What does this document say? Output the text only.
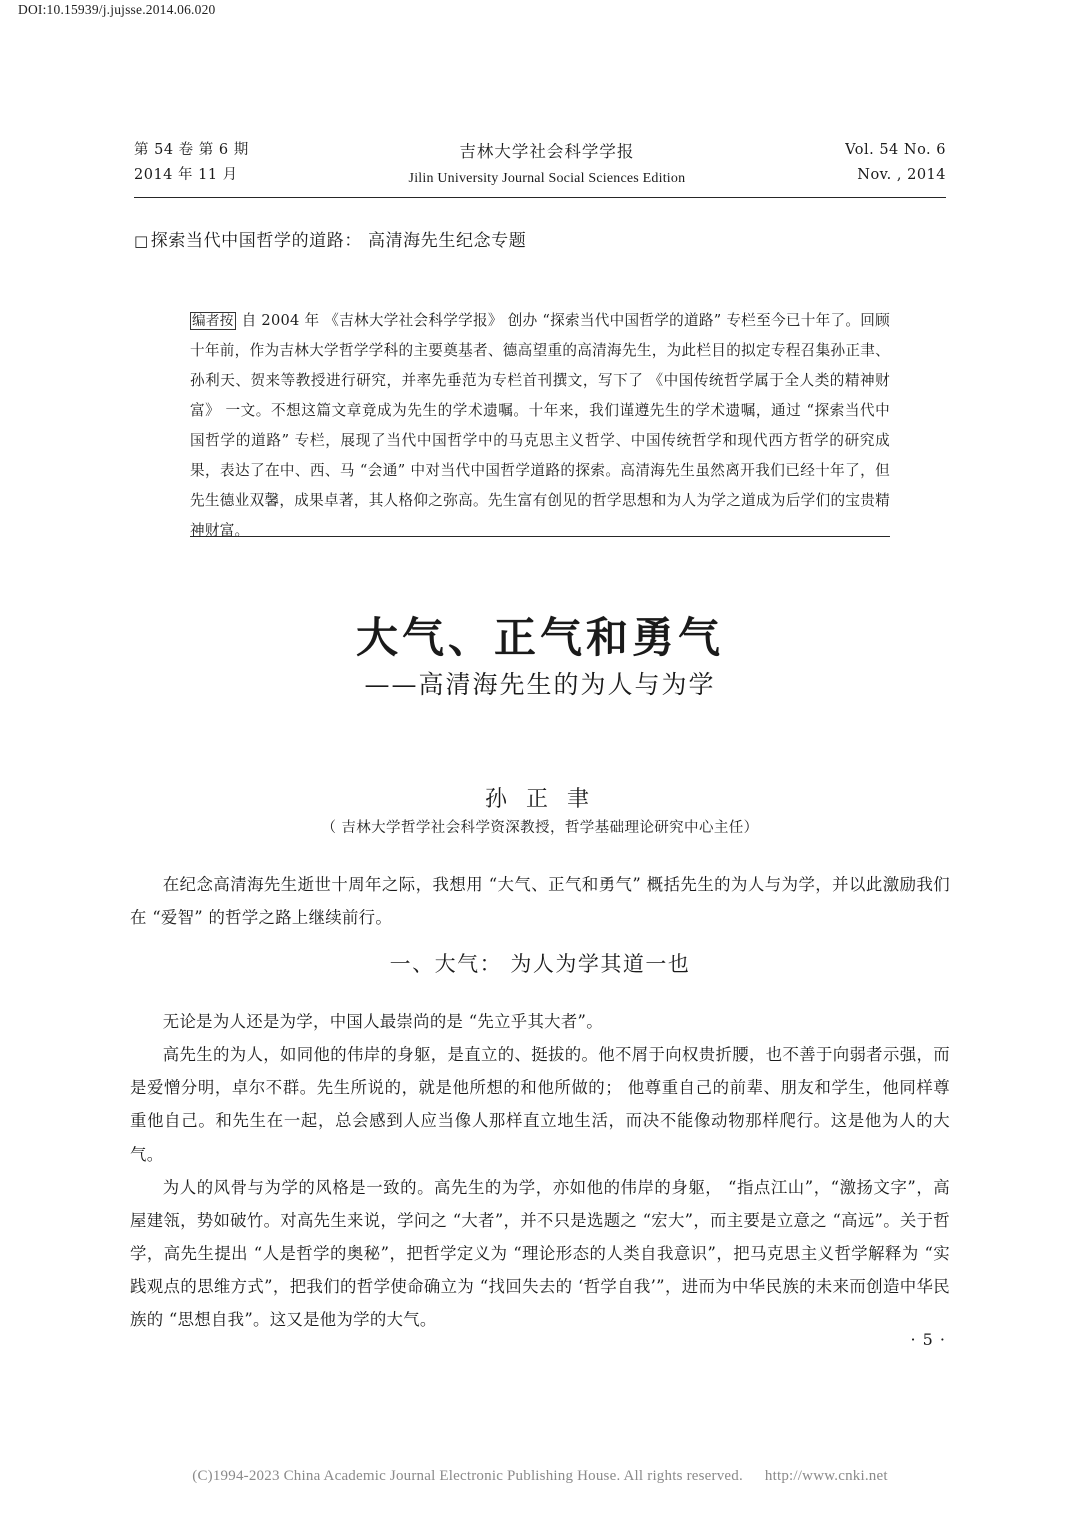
DOI:10.15939/j.jujsse.2014.06.020
第 54 卷 第 6 期
2014 年 11 月
吉林大学社会科学学报
Jilin University Journal Social Sciences Edition
Vol. 54 No. 6
Nov. , 2014
□ 探索当代中国哲学的道路： 高清海先生纪念专题
编者按 自 2004 年 《吉林大学社会科学学报》 创办 “探索当代中国哲学的道路” 专栏至今已十年了。回顾十年前，作为吉林大学哲学学科的主要奠基者、德高望重的高清海先生，为此栏目的拟定专程召集孙正聿、孙利天、贺来等教授进行研究，并率先垂范为专栏首刊撰文，写下了 《中国传统哲学属于全人类的精神财富》 一文。不想这篇文章竟成为先生的学术遗嘱。十年来，我们谨遵先生的学术遗嘱，通过 “探索当代中国哲学的道路” 专栏，展现了当代中国哲学中的马克思主义哲学、中国传统哲学和现代西方哲学的研究成果，表达了在中、西、马 “会通” 中对当代中国哲学道路的探索。高清海先生虽然离开我们已经十年了，但先生德业双馨，成果卓著，其人格仰之弥高。先生富有创见的哲学思想和为人为学之道成为后学们的宝贵精神财富。
大气、正气和勇气
——高清海先生的为人与为学
孙 正 聿
（ 吉林大学哲学社会科学资深教授，哲学基础理论研究中心主任）

在纪念高清海先生逝世十周年之际，我想用 “大气、正气和勇气” 概括先生的为人与为学，并以此激励我们在 “爱智” 的哲学之路上继续前行。

一、大气： 为人为学其道一也

无论是为人还是为学，中国人最崇尚的是 “先立乎其大者”。

高先生的为人，如同他的伟岸的身躯，是直立的、挺拔的。他不屑于向权贵折腰，也不善于向弱者示强，而是爱憎分明，卓尔不群。先生所说的，就是他所想的和他所做的； 他尊重自己的前辈、朋友和学生，他同样尊重他自己。和先生在一起，总会感到人应当像人那样直立地生活，而决不能像动物那样爬行。这是他为人的大气。

为人的风骨与为学的风格是一致的。高先生的为学，亦如他的伟岸的身躯， “指点江山”，“激扬文字”，高屋建瓴，势如破竹。对高先生来说，学问之 “大者”，并不只是选题之 “宏大”，而主要是立意之 “高远”。关于哲学，高先生提出 “人是哲学的奥秘”，把哲学定义为 “理论形态的人类自我意识”，把马克思主义哲学解释为 “实践观点的思维方式”，把我们的哲学使命确立为 “找回失去的 ‘哲学自我’”，进而为中华民族的未来而创造中华民族的 “思想自我”。这又是他为学的大气。

· 5 ·
(C)1994-2023 China Academic Journal Electronic Publishing House. All rights reserved. http://www.cnki.net
